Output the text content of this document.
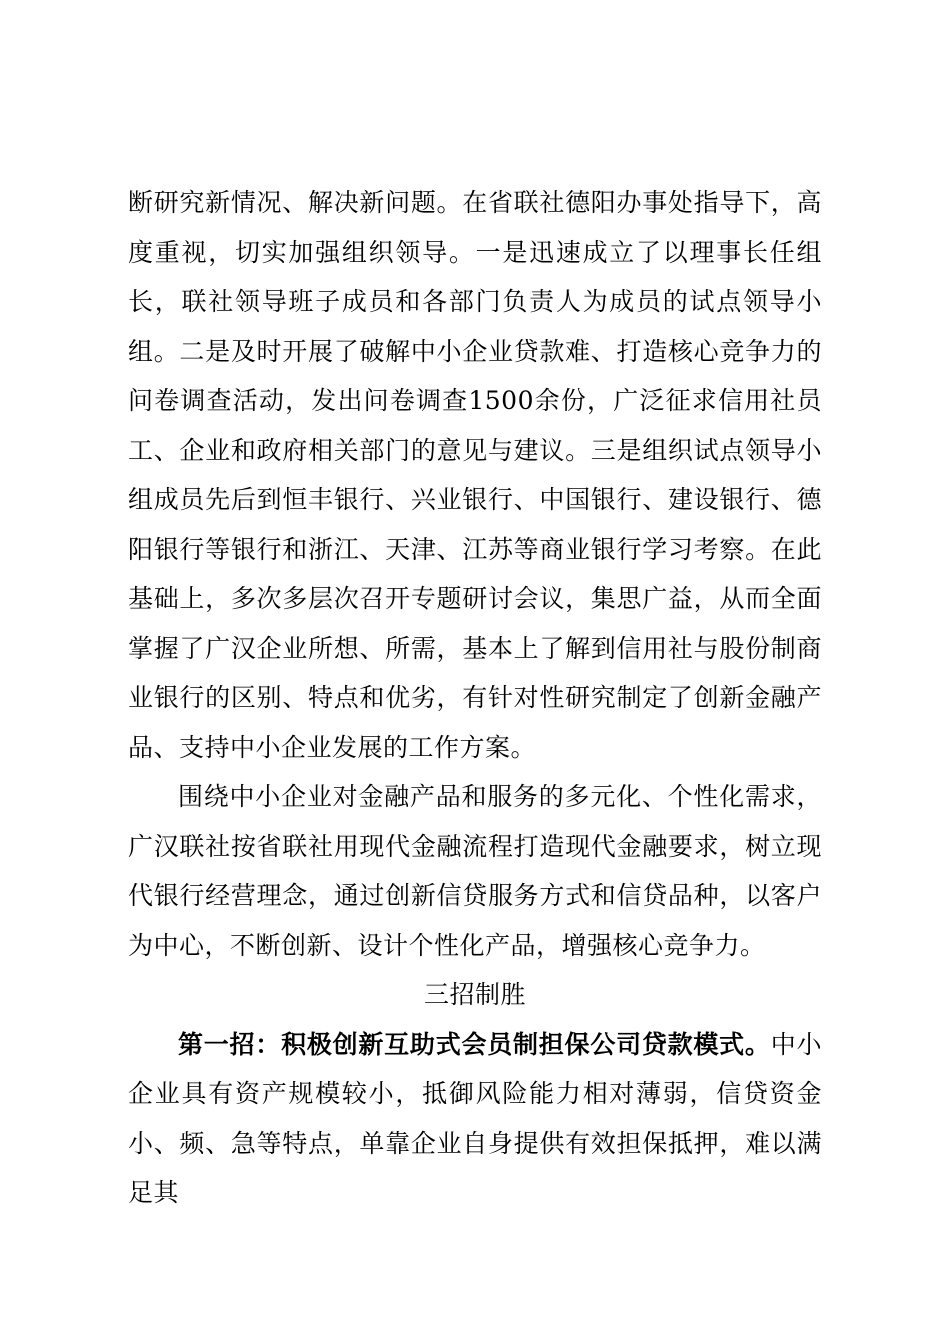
断研究新情况、解决新问题。在省联社德阳办事处指导下，高度重视，切实加强组织领导。一是迅速成立了以理事长任组长，联社领导班子成员和各部门负责人为成员的试点领导小组。二是及时开展了破解中小企业贷款难、打造核心竞争力的问卷调查活动，发出问卷调查1500余份，广泛征求信用社员工、企业和政府相关部门的意见与建议。三是组织试点领导小组成员先后到恒丰银行、兴业银行、中国银行、建设银行、德阳银行等银行和浙江、天津、江苏等商业银行学习考察。在此基础上，多次多层次召开专题研讨会议，集思广益，从而全面掌握了广汉企业所想、所需，基本上了解到信用社与股份制商业银行的区别、特点和优劣，有针对性研究制定了创新金融产品、支持中小企业发展的工作方案。

围绕中小企业对金融产品和服务的多元化、个性化需求，广汉联社按省联社用现代金融流程打造现代金融要求，树立现代银行经营理念，通过创新信贷服务方式和信贷品种，以客户为中心，不断创新、设计个性化产品，增强核心竞争力。

三招制胜

第一招：积极创新互助式会员制担保公司贷款模式。中小企业具有资产规模较小，抵御风险能力相对薄弱，信贷资金小、频、急等特点，单靠企业自身提供有效担保抵押，难以满足其
